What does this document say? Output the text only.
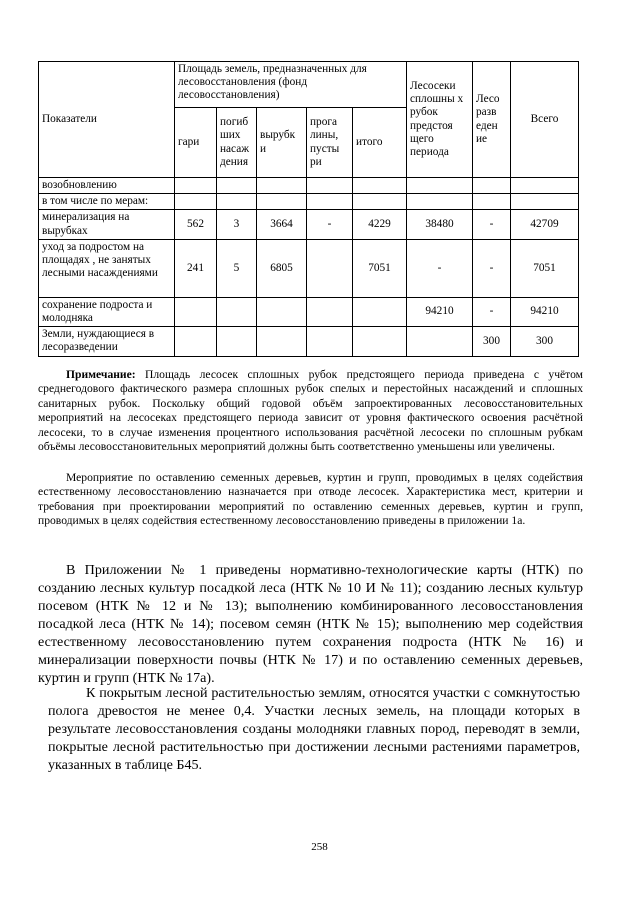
Показатели	Площадь земель, предназначенных для лесовосстановления (фонд лесовосстановления)					Лесосеки сплошны х рубок предстоя щего периода	Лесо разв еден ие	Всего
	гари	погиб ших насаж дения	вырубк и	прога лины, пусты ри	итого			
возобновлению								
в том числе по мерам:								
минерализация на вырубках	562	3	3664	-	4229	38480	-	42709
уход за подростом на площадях , не занятых лесными насаждениями	241	5	6805		7051	-	-	7051
сохранение подроста и молодняка						94210	-	94210
Земли, нуждающиеся в лесоразведении							300	300
Примечание: Площадь лесосек сплошных рубок предстоящего периода приведена с учётом среднегодового фактического размера сплошных рубок спелых и перестойных насаждений и сплошных санитарных рубок. Поскольку общий годовой объём запроектированных лесовосстановительных мероприятий на лесосеках предстоящего периода зависит от уровня фактического освоения расчётной лесосеки, то в случае изменения процентного использования расчётной лесосеки по сплошным рубкам объёмы лесовосстановительных мероприятий должны быть соответственно уменьшены или увеличены.
Мероприятие по оставлению семенных деревьев, куртин и групп, проводимых в целях содействия естественному лесовосстановлению назначается при отводе лесосек. Характеристика мест, критерии и требования при проектировании мероприятий по оставлению семенных деревьев, куртин и групп, проводимых в целях содействия естественному лесовосстановлению приведены в приложении 1а.
В Приложении № 1 приведены нормативно-технологические карты (НТК) по созданию лесных культур посадкой леса (НТК № 10 И № 11); созданию лесных культур посевом (НТК № 12 и № 13); выполнению комбинированного лесовосстановления посадкой леса (НТК № 14); посевом семян (НТК № 15); выполнению мер содействия естественному лесовосстановлению путем сохранения подроста (НТК № 16) и минерализации поверхности почвы (НТК № 17) и по оставлению семенных деревьев, куртин и групп (НТК № 17а).
К покрытым лесной растительностью землям, относятся участки с сомкнутостью полога древостоя не менее 0,4. Участки лесных земель, на площади которых в результате лесовосстановления созданы молодняки главных пород, переводят в земли, покрытые лесной растительностью при достижении лесными растениями параметров, указанных в таблице Б45.
258
